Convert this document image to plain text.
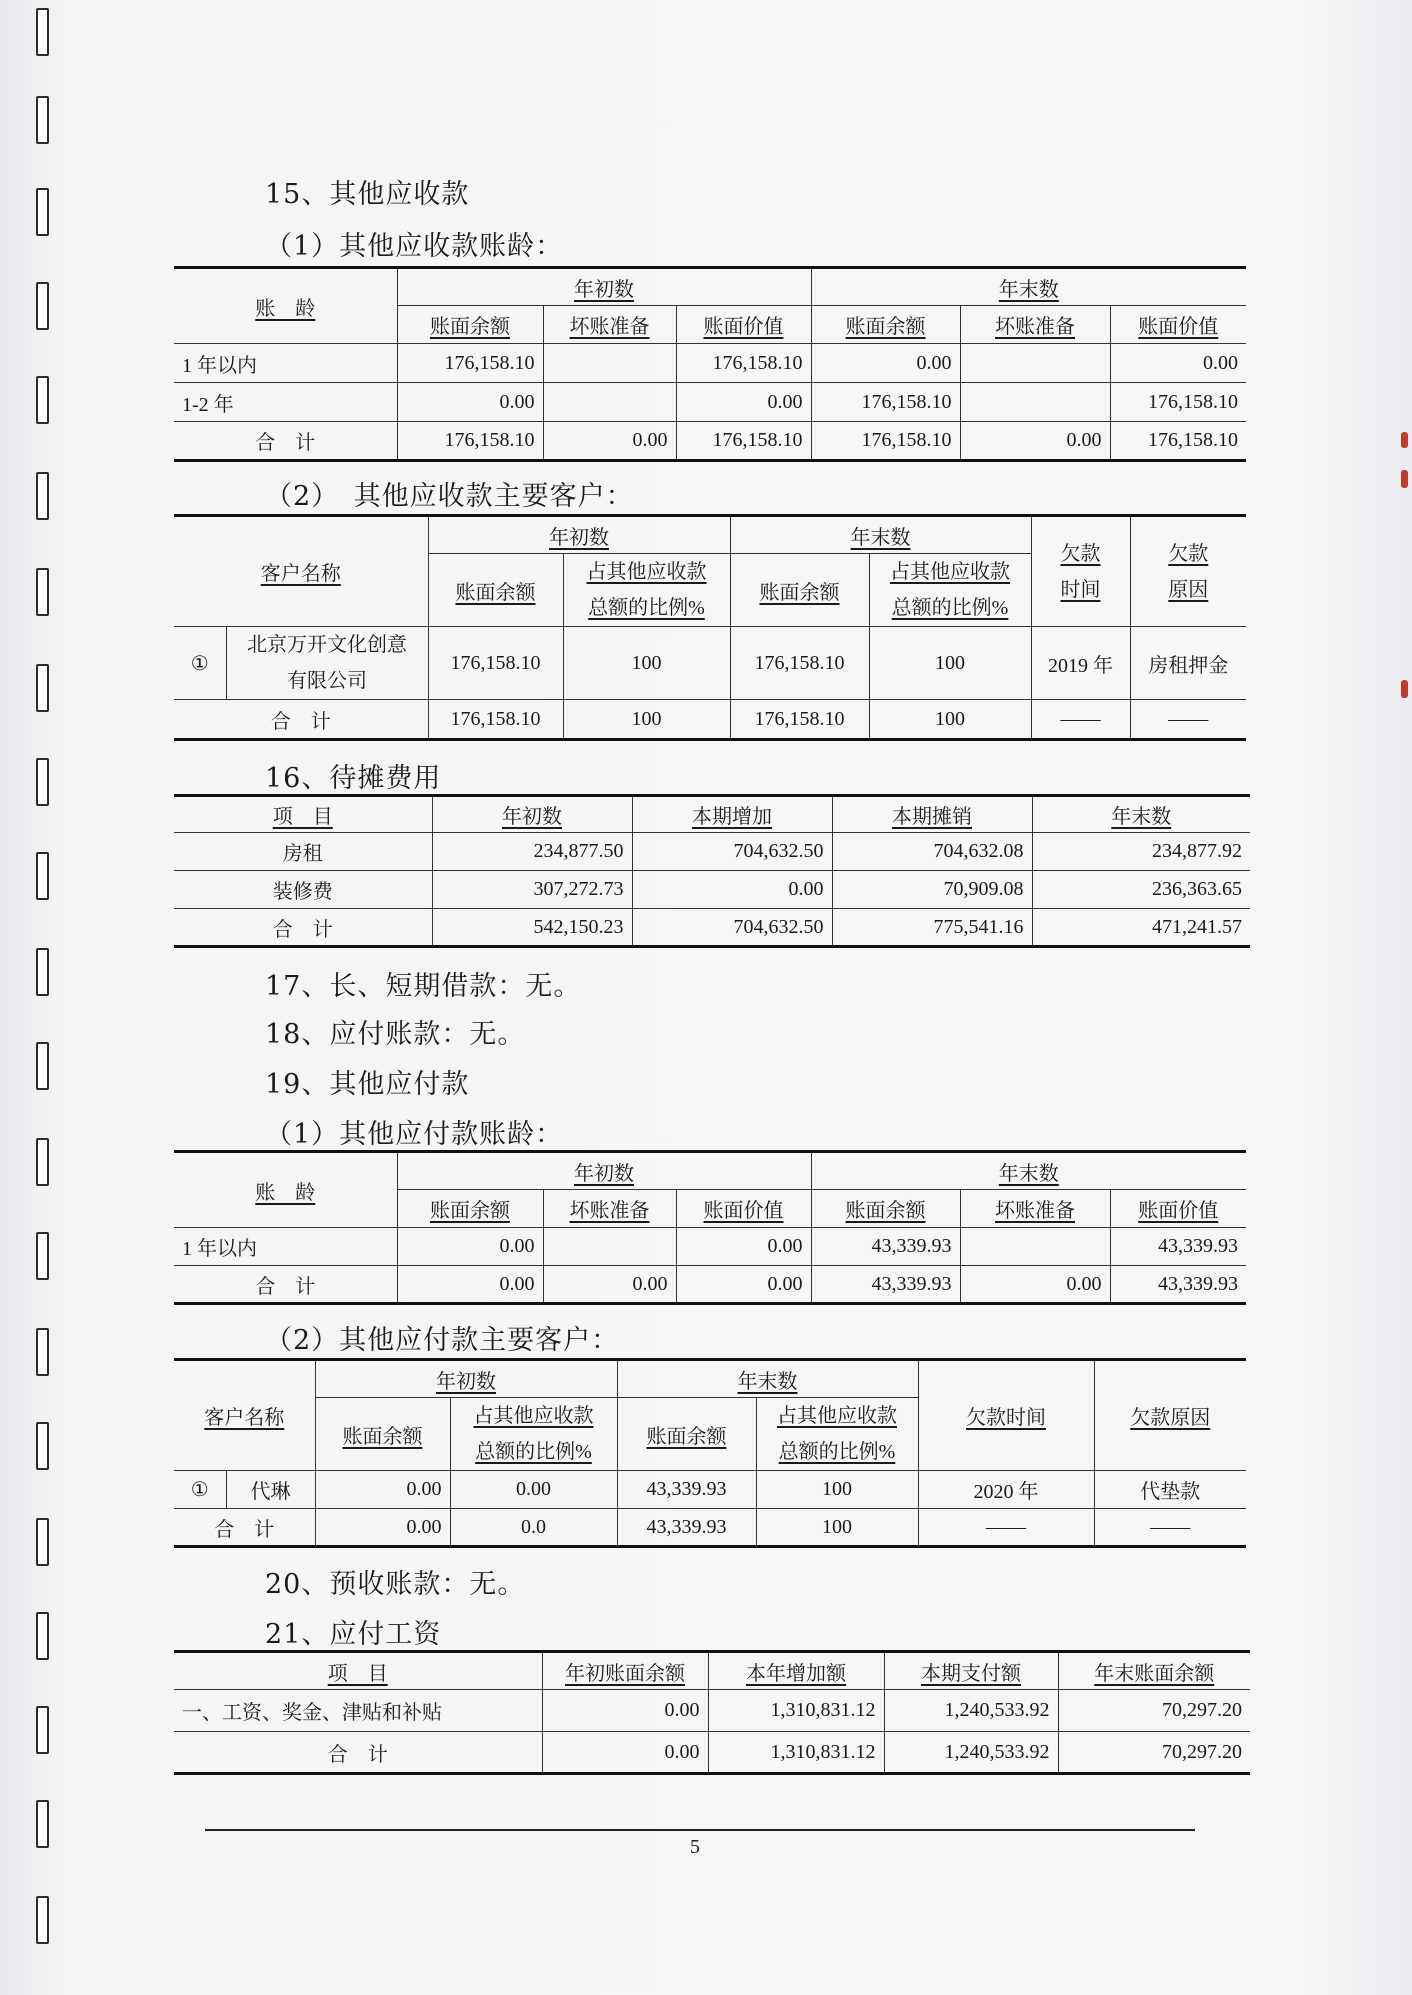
15、其他应收款
（1）其他应收款账龄：
账　龄	年初数			年末数		
	账面余额	坏账准备	账面价值	账面余额	坏账准备	账面价值
1 年以内	176,158.10		176,158.10	0.00		0.00
1-2 年	0.00		0.00	176,158.10		176,158.10
合　计	176,158.10	0.00	176,158.10	176,158.10	0.00	176,158.10
（2）　其他应收款主要客户：
客户名称		年初数		年末数		欠款时间	欠款原因
		账面余额	占其他应收款总额的比例%	账面余额	占其他应收款总额的比例%		
①	北京万开文化创意有限公司	176,158.10	100	176,158.10	100	2019 年	房租押金
合　计		176,158.10	100	176,158.10	100	——	——
16、待摊费用
项　目	年初数	本期增加	本期摊销	年末数
房租	234,877.50	704,632.50	704,632.08	234,877.92
装修费	307,272.73	0.00	70,909.08	236,363.65
合　计	542,150.23	704,632.50	775,541.16	471,241.57
17、长、短期借款：无。
18、应付账款：无。
19、其他应付款
（1）其他应付款账龄：
账　龄	年初数			年末数		
	账面余额	坏账准备	账面价值	账面余额	坏账准备	账面价值
1 年以内	0.00		0.00	43,339.93		43,339.93
合　计	0.00	0.00	0.00	43,339.93	0.00	43,339.93
（2）其他应付款主要客户：
客户名称		年初数		年末数		欠款时间	欠款原因
		账面余额	占其他应收款总额的比例%	账面余额	占其他应收款总额的比例%		
①	代琳	0.00	0.00	43,339.93	100	2020 年	代垫款
合　计		0.00	0.0	43,339.93	100	——	——
20、预收账款：无。
21、应付工资
项　目	年初账面余额	本年增加额	本期支付额	年末账面余额
一、工资、奖金、津贴和补贴	0.00	1,310,831.12	1,240,533.92	70,297.20
合　计	0.00	1,310,831.12	1,240,533.92	70,297.20
5
